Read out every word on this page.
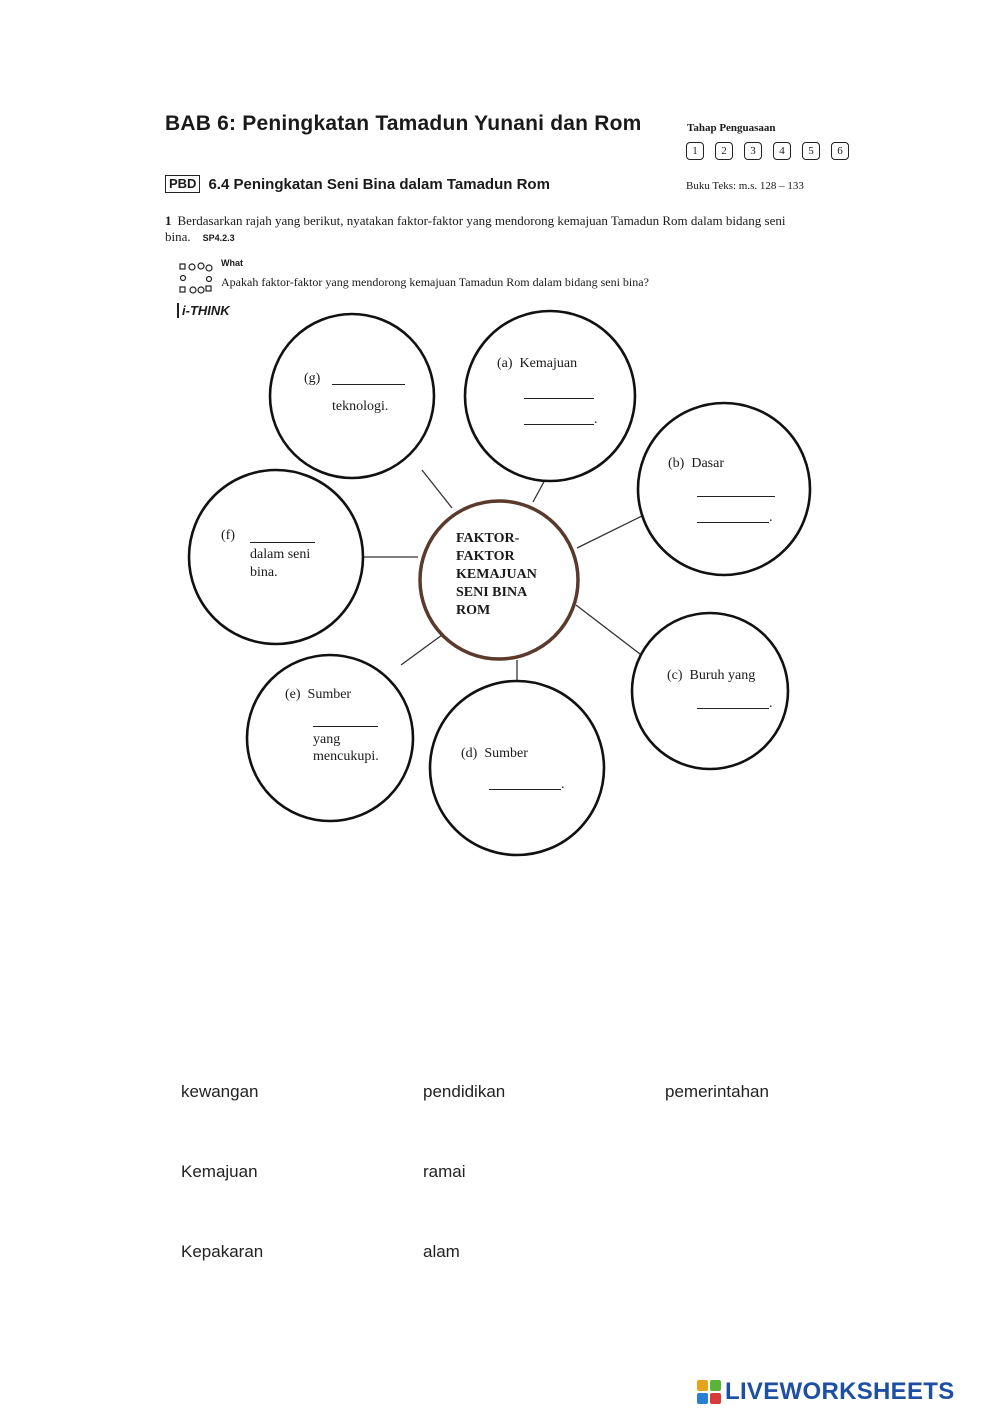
BAB 6: Peningkatan Tamadun Yunani dan Rom	Tahap Penguasaan
1	2	3	4	5	6
PBD 6.4 Peningkatan Seni Bina dalam Tamadun Rom	Buku Teks: m.s. 128 – 133
1 Berdasarkan rajah yang berikut, nyatakan faktor-faktor yang mendorong kemajuan Tamadun Rom dalam bidang seni bina. SP4.2.3
What
Apakah faktor-faktor yang mendorong kemajuan Tamadun Rom dalam bidang seni bina?
i-THINK
FAKTOR-
FAKTOR
KEMAJUAN
SENI BINA
ROM
(g)
teknologi.
(a) Kemajuan
.
(b) Dasar
.
(f)
dalam seni
bina.
(c) Buruh yang
.
(e) Sumber
yang
mencukupi.	(d) Sumber
.
kewangan	pendidikan	pemerintahan
Kemajuan	ramai
Kepakaran	alam
LIVEWORKSHEETS
